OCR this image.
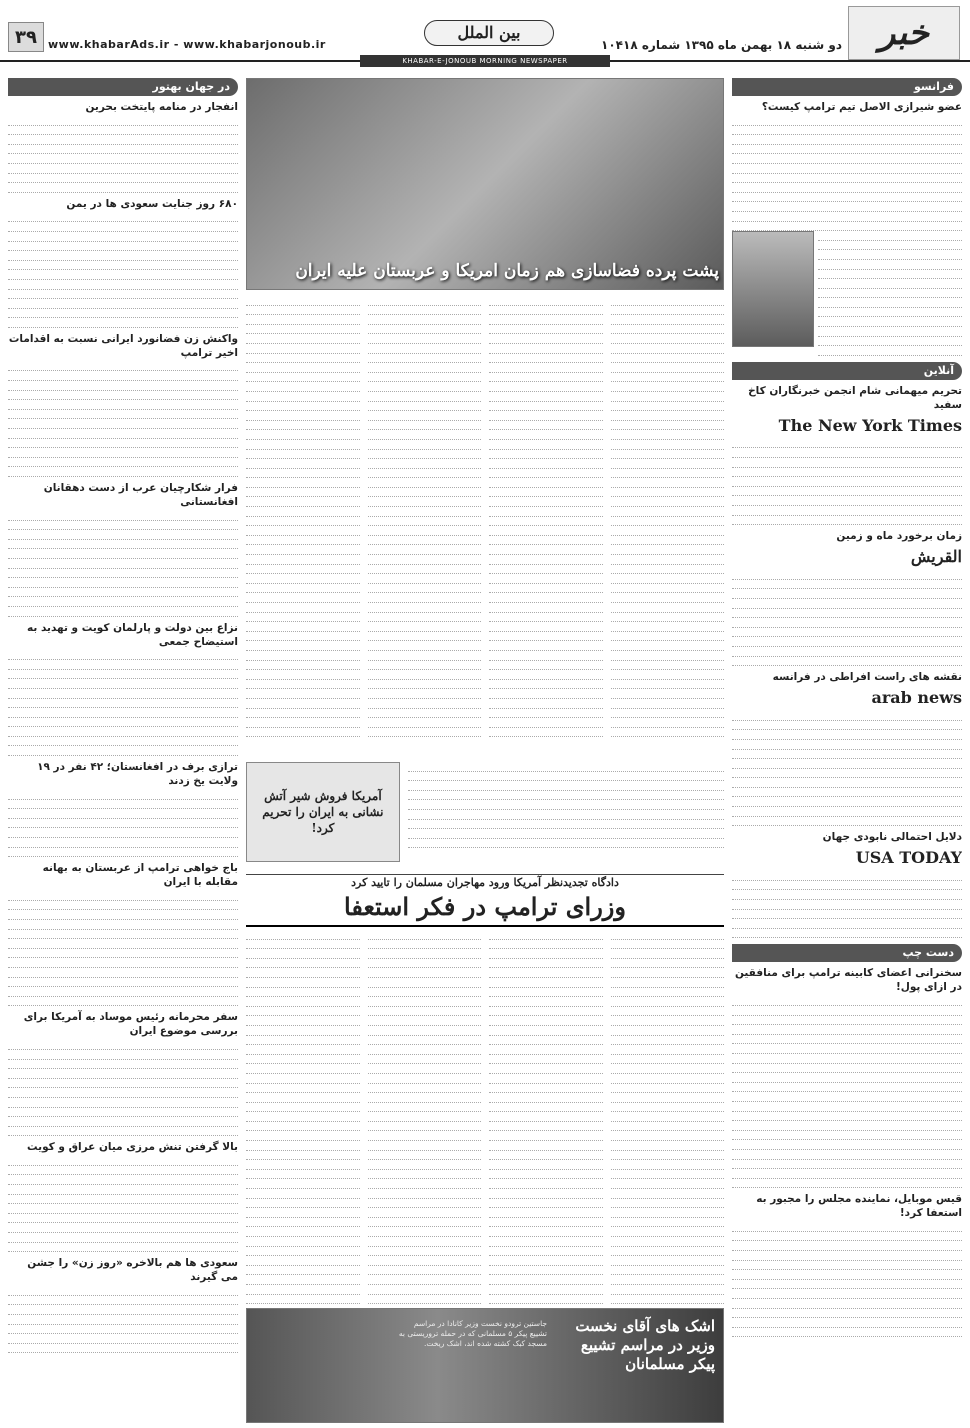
۳۹	www.khabarAds.ir - www.khabarjonoub.ir
بین الملل
دو شنبه ۱۸ بهمن ماه ۱۳۹۵ شماره ۱۰۴۱۸	خبر
KHABAR-E-JONOUB MORNING NEWSPAPER
در جهان بهتور
انفجار در منامه پایتخت بحرین
۶۸۰ روز جنایت سعودی ها در یمن
واکنش زن فضانورد ایرانی نسبت به اقدامات اخیر ترامپ
فرار شکارچیان عرب از دست دهقانان افغانستانی
نزاع بین دولت و پارلمان کویت و تهدید به استیضاح جمعی
ترازی برف در افغانستان؛ ۴۲ نفر در ۱۹ ولایت یخ زدند
باج خواهی ترامپ از عربستان به بهانه مقابله با ایران
سفر محرمانه رئیس موساد به آمریکا برای بررسی موضوع ایران
بالا گرفتن تنش مرزی میان عراق و کویت
سعودی ها هم بالاخره «روز زن» را جشن می گیرند
پشت پرده فضاسازی هم زمان امریکا و عربستان علیه ایران
آمریکا فروش شیر آتش نشانی به ایران را تحریم کرد!
دادگاه تجدیدنظر آمریکا ورود مهاجران مسلمان را تایید کرد
وزرای ترامپ در فکر استعفا
اشک های آقای نخست وزیر در مراسم تشییع پیکر مسلمانان
جاستین ترودو نخست وزیر کانادا در مراسم تشییع پیکر ۵ مسلمانی که در حمله تروریستی به مسجد کبک کشته شده اند، اشک ریخت.
فرانسو
عضو شیرازی الاصل تیم ترامپ کیست؟
آنلاین
تحریم میهمانی شام انجمن خبرنگاران کاخ سفید
The New York Times
زمان برخورد ماه و زمین
القريش
نقشه های راست افراطی در فرانسه
arab news
دلایل احتمالی نابودی جهان
USA TODAY
دست چپ
سخنرانی اعضای کابینه ترامپ برای منافقین در ازای پول!
قیس موبایل، نماینده مجلس را مجبور به استعفا کرد!
